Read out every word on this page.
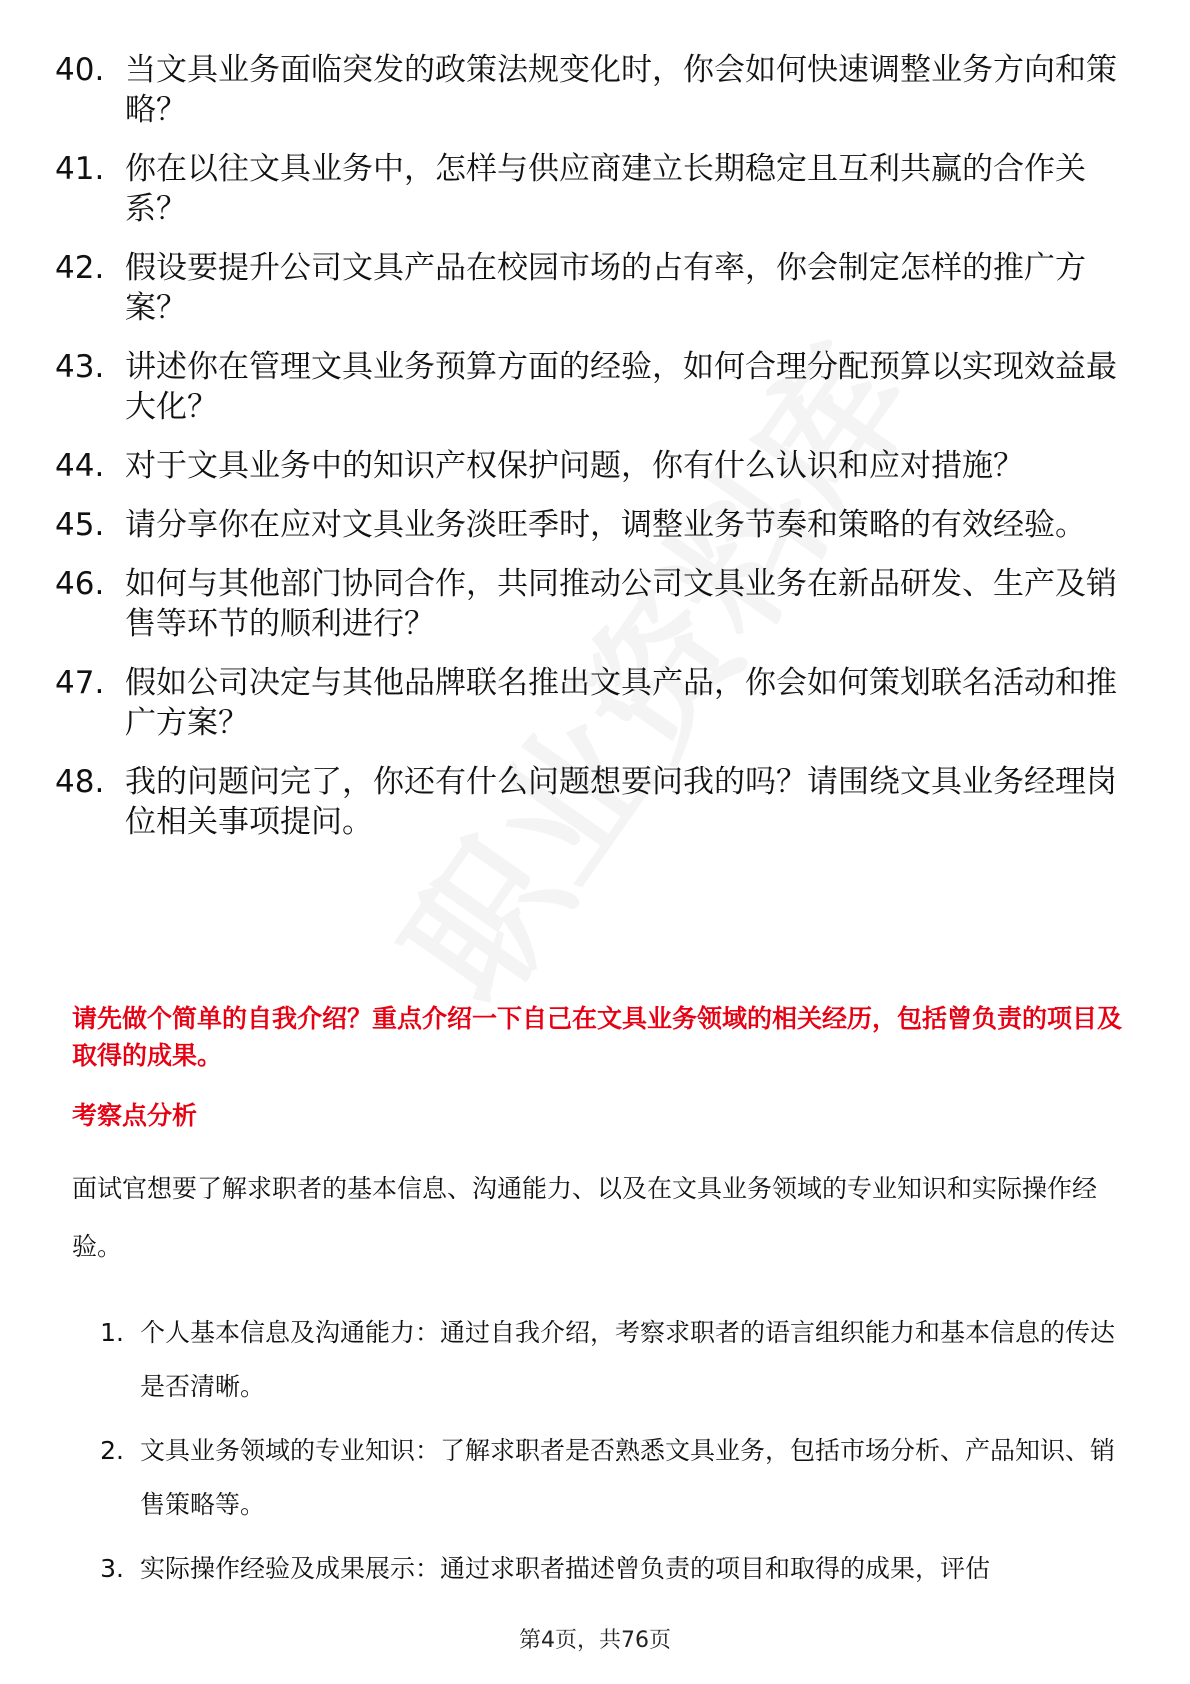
40. 当文具业务面临突发的政策法规变化时，你会如何快速调整业务方向和策略？
41. 你在以往文具业务中，怎样与供应商建立长期稳定且互利共赢的合作关系？
42. 假设要提升公司文具产品在校园市场的占有率，你会制定怎样的推广方案？
43. 讲述你在管理文具业务预算方面的经验，如何合理分配预算以实现效益最大化？
44. 对于文具业务中的知识产权保护问题，你有什么认识和应对措施？
45. 请分享你在应对文具业务淡旺季时，调整业务节奏和策略的有效经验。
46. 如何与其他部门协同合作，共同推动公司文具业务在新品研发、生产及销售等环节的顺利进行？
47. 假如公司决定与其他品牌联名推出文具产品，你会如何策划联名活动和推广方案？
48. 我的问题问完了，你还有什么问题想要问我的吗？请围绕文具业务经理岗位相关事项提问。

请先做个简单的自我介绍？重点介绍一下自己在文具业务领域的相关经历，包括曾负责的项目及取得的成果。

考察点分析

面试官想要了解求职者的基本信息、沟通能力、以及在文具业务领域的专业知识和实际操作经验。

1. 个人基本信息及沟通能力：通过自我介绍，考察求职者的语言组织能力和基本信息的传达是否清晰。
2. 文具业务领域的专业知识：了解求职者是否熟悉文具业务，包括市场分析、产品知识、销售策略等。
3. 实际操作经验及成果展示：通过求职者描述曾负责的项目和取得的成果，评估

第4页，共76页
